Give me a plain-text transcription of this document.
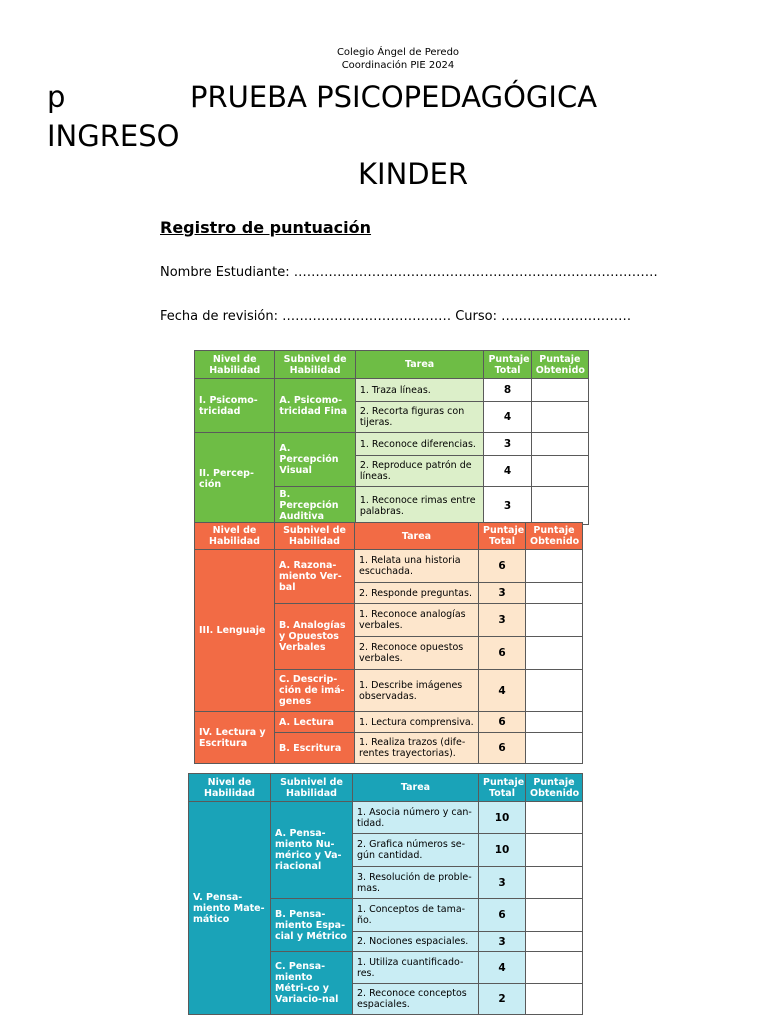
Colegio Ángel de Peredo
Coordinación PIE 2024
p	PRUEBA PSICOPEDAGÓGICA
INGRESO
KINDER
Registro de puntuación
Nombre Estudiante: …………………………………………………………………………
Fecha de revisión: ………………………………… Curso: …………………………
Nivel de Habilidad	Subnivel de Habilidad	Tarea	Puntaje Total	Puntaje Obtenido
I. Psicomo-tricidad	A. Psicomo-tricidad Fina	1. Traza líneas.	8	
		2. Recorta figuras con tijeras.	4	
II. Percep-ción	A. Percepción Visual	1. Reconoce diferencias.	3	
		2. Reproduce patrón de líneas.	4	
	B. Percepción Auditiva	1. Reconoce rimas entre palabras.	3	
Nivel de Habilidad	Subnivel de Habilidad	Tarea	Puntaje Total	Puntaje Obtenido
III. Lenguaje	A. Razona-miento Ver-bal	1. Relata una historia escuchada.	6	
		2. Responde preguntas.	3	
	B. Analogías y Opuestos Verbales	1. Reconoce analogías verbales.	3	
		2. Reconoce opuestos verbales.	6	
	C. Descrip-ción de imá-genes	1. Describe imágenes observadas.	4	
IV. Lectura y Escritura	A. Lectura	1. Lectura comprensiva.	6	
	B. Escritura	1. Realiza trazos (dife-rentes trayectorias).	6	
Nivel de Habilidad	Subnivel de Habilidad	Tarea	Puntaje Total	Puntaje Obtenido
V. Pensa-miento Mate-mático	A. Pensa-miento Nu-mérico y Va-riacional	1. Asocia número y can-tidad.	10	
		2. Grafica números se-gún cantidad.	10	
		3. Resolución de proble-mas.	3	
	B. Pensa-miento Espa-cial y Métrico	1. Conceptos de tama-ño.	6	
		2. Nociones espaciales.	3	
	C. Pensa-miento Métri-co y Variacio-nal	1. Utiliza cuantificado-res.	4	
		2. Reconoce conceptos espaciales.	2	
